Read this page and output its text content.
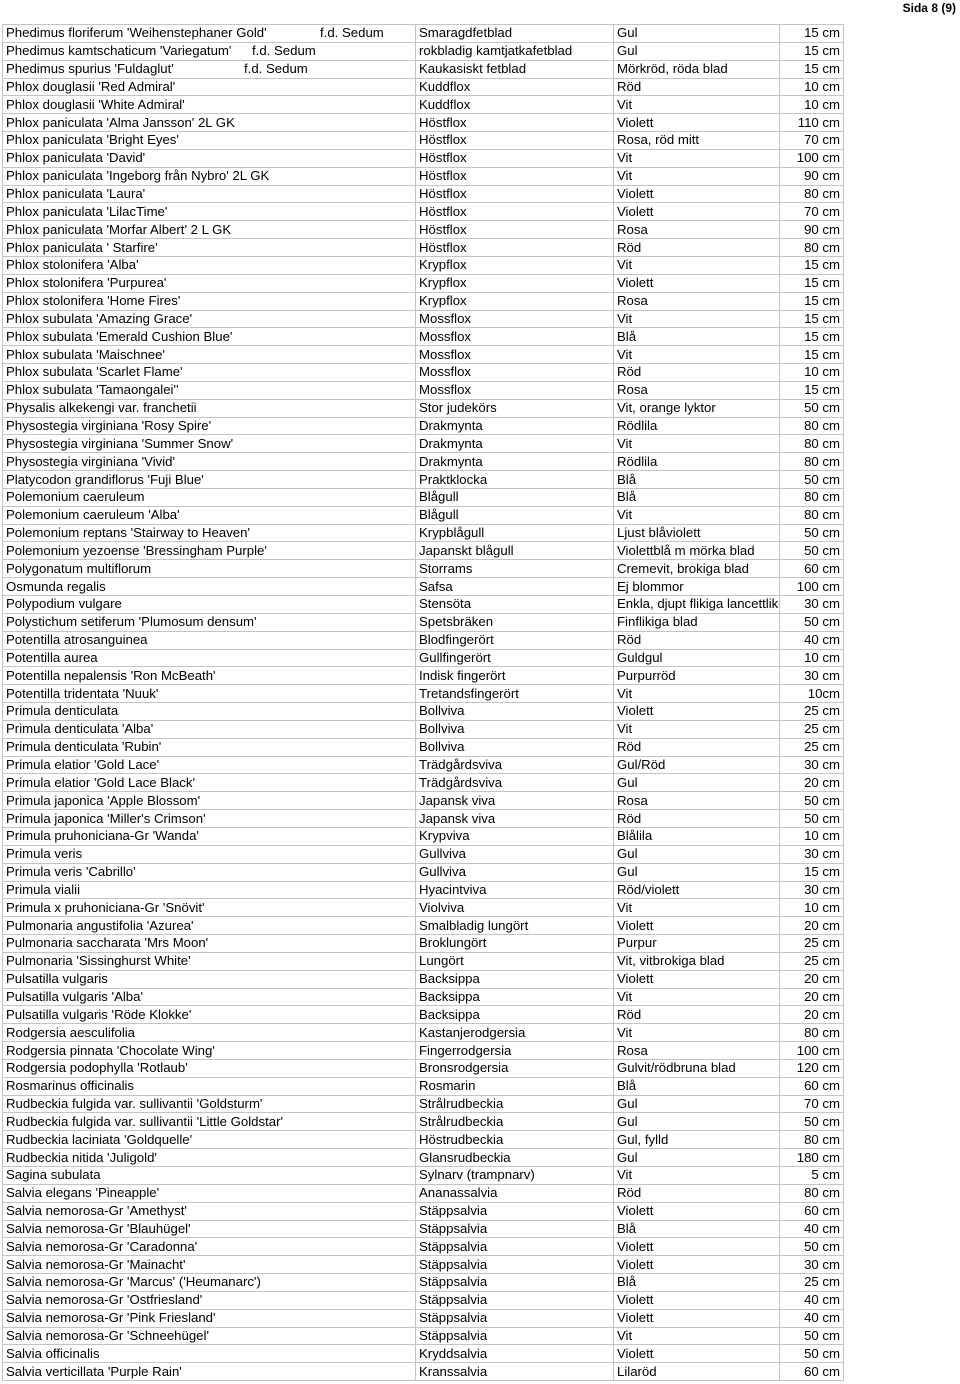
Sida 8 (9)
Phedimus floriferum 'Weihenstephaner Gold' f.d. Sedum	Smaragdfetblad	Gul	15 cm
Phedimus kamtschaticum 'Variegatum' f.d. Sedum	rokbladig kamtjatkafetblad	Gul	15 cm
Phedimus spurius 'Fuldaglut' f.d. Sedum	Kaukasiskt fetblad	Mörkröd, röda blad	15 cm
Phlox douglasii 'Red Admiral'	Kuddflox	Röd	10 cm
Phlox douglasii 'White Admiral'	Kuddflox	Vit	10 cm
Phlox paniculata 'Alma Jansson' 2L GK	Höstflox	Violett	110 cm
Phlox paniculata 'Bright Eyes'	Höstflox	Rosa, röd mitt	70 cm
Phlox paniculata 'David'	Höstflox	Vit	100 cm
Phlox paniculata 'Ingeborg från Nybro' 2L GK	Höstflox	Vit	90 cm
Phlox paniculata 'Laura'	Höstflox	Violett	80 cm
Phlox paniculata 'LilacTime'	Höstflox	Violett	70 cm
Phlox paniculata 'Morfar Albert' 2 L GK	Höstflox	Rosa	90 cm
Phlox paniculata ' Starfire'	Höstflox	Röd	80 cm
Phlox stolonifera 'Alba'	Krypflox	Vit	15 cm
Phlox stolonifera 'Purpurea'	Krypflox	Violett	15 cm
Phlox stolonifera 'Home Fires'	Krypflox	Rosa	15 cm
Phlox subulata 'Amazing Grace'	Mossflox	Vit	15 cm
Phlox subulata 'Emerald Cushion Blue'	Mossflox	Blå	15 cm
Phlox subulata 'Maischnee'	Mossflox	Vit	15 cm
Phlox subulata 'Scarlet Flame'	Mossflox	Röd	10 cm
Phlox subulata 'Tamaongalei''	Mossflox	Rosa	15 cm
Physalis alkekengi var. franchetii	Stor judekörs	Vit, orange lyktor	50 cm
Physostegia virginiana 'Rosy Spire'	Drakmynta	Rödlila	80 cm
Physostegia virginiana 'Summer Snow'	Drakmynta	Vit	80 cm
Physostegia virginiana 'Vivid'	Drakmynta	Rödlila	80 cm
Platycodon grandiflorus 'Fuji Blue'	Praktklocka	Blå	50 cm
Polemonium caeruleum	Blågull	Blå	80 cm
Polemonium caeruleum 'Alba'	Blågull	Vit	80 cm
Polemonium reptans 'Stairway to Heaven'	Krypblågull	Ljust blåviolett	50 cm
Polemonium yezoense 'Bressingham Purple'	Japanskt blågull	Violettblå m mörka blad	50 cm
Polygonatum multiflorum	Storrams	Cremevit, brokiga blad	60 cm
Osmunda regalis	Safsa	Ej blommor	100 cm
Polypodium vulgare	Stensöta	Enkla, djupt flikiga lancettlik	30 cm
Polystichum setiferum 'Plumosum densum'	Spetsbräken	Finflikiga blad	50 cm
Potentilla atrosanguinea	Blodfingerört	Röd	40 cm
Potentilla aurea	Gullfingerört	Guldgul	10 cm
Potentilla nepalensis 'Ron McBeath'	Indisk fingerört	Purpurröd	30 cm
Potentilla tridentata 'Nuuk'	Tretandsfingerört	Vit	10cm
Primula denticulata	Bollviva	Violett	25 cm
Primula denticulata 'Alba'	Bollviva	Vit	25 cm
Primula denticulata 'Rubin'	Bollviva	Röd	25 cm
Primula elatior 'Gold Lace'	Trädgårdsviva	Gul/Röd	30 cm
Primula elatior 'Gold Lace Black'	Trädgårdsviva	Gul	20 cm
Primula japonica 'Apple Blossom'	Japansk viva	Rosa	50 cm
Primula japonica 'Miller's Crimson'	Japansk viva	Röd	50 cm
Primula pruhoniciana-Gr 'Wanda'	Krypviva	Blålila	10 cm
Primula veris	Gullviva	Gul	30 cm
Primula veris 'Cabrillo'	Gullviva	Gul	15 cm
Primula vialii	Hyacintviva	Röd/violett	30 cm
Primula x pruhoniciana-Gr 'Snövit'	Violviva	Vit	10 cm
Pulmonaria angustifolia 'Azurea'	Smalbladig lungört	Violett	20 cm
Pulmonaria saccharata 'Mrs Moon'	Broklungört	Purpur	25 cm
Pulmonaria 'Sissinghurst White'	Lungört	Vit, vitbrokiga blad	25 cm
Pulsatilla vulgaris	Backsippa	Violett	20 cm
Pulsatilla vulgaris 'Alba'	Backsippa	Vit	20 cm
Pulsatilla vulgaris 'Röde Klokke'	Backsippa	Röd	20 cm
Rodgersia aesculifolia	Kastanjerodgersia	Vit	80 cm
Rodgersia pinnata 'Chocolate Wing'	Fingerrodgersia	Rosa	100 cm
Rodgersia podophylla 'Rotlaub'	Bronsrodgersia	Gulvit/rödbruna blad	120 cm
Rosmarinus officinalis	Rosmarin	Blå	60 cm
Rudbeckia fulgida var. sullivantii 'Goldsturm'	Strålrudbeckia	Gul	70 cm
Rudbeckia fulgida var. sullivantii 'Little Goldstar'	Strålrudbeckia	Gul	50 cm
Rudbeckia laciniata 'Goldquelle'	Höstrudbeckia	Gul, fylld	80 cm
Rudbeckia nitida 'Juligold'	Glansrudbeckia	Gul	180 cm
Sagina subulata	Sylnarv (trampnarv)	Vit	5 cm
Salvia elegans 'Pineapple'	Ananassalvia	Röd	80 cm
Salvia nemorosa-Gr 'Amethyst'	Stäppsalvia	Violett	60 cm
Salvia nemorosa-Gr 'Blauhügel'	Stäppsalvia	Blå	40 cm
Salvia nemorosa-Gr 'Caradonna'	Stäppsalvia	Violett	50 cm
Salvia nemorosa-Gr 'Mainacht'	Stäppsalvia	Violett	30 cm
Salvia nemorosa-Gr 'Marcus' ('Heumanarc')	Stäppsalvia	Blå	25 cm
Salvia nemorosa-Gr 'Ostfriesland'	Stäppsalvia	Violett	40 cm
Salvia nemorosa-Gr 'Pink Friesland'	Stäppsalvia	Violett	40 cm
Salvia nemorosa-Gr 'Schneehügel'	Stäppsalvia	Vit	50 cm
Salvia officinalis	Kryddsalvia	Violett	50 cm
Salvia verticillata 'Purple Rain'	Kranssalvia	Lilaröd	60 cm
